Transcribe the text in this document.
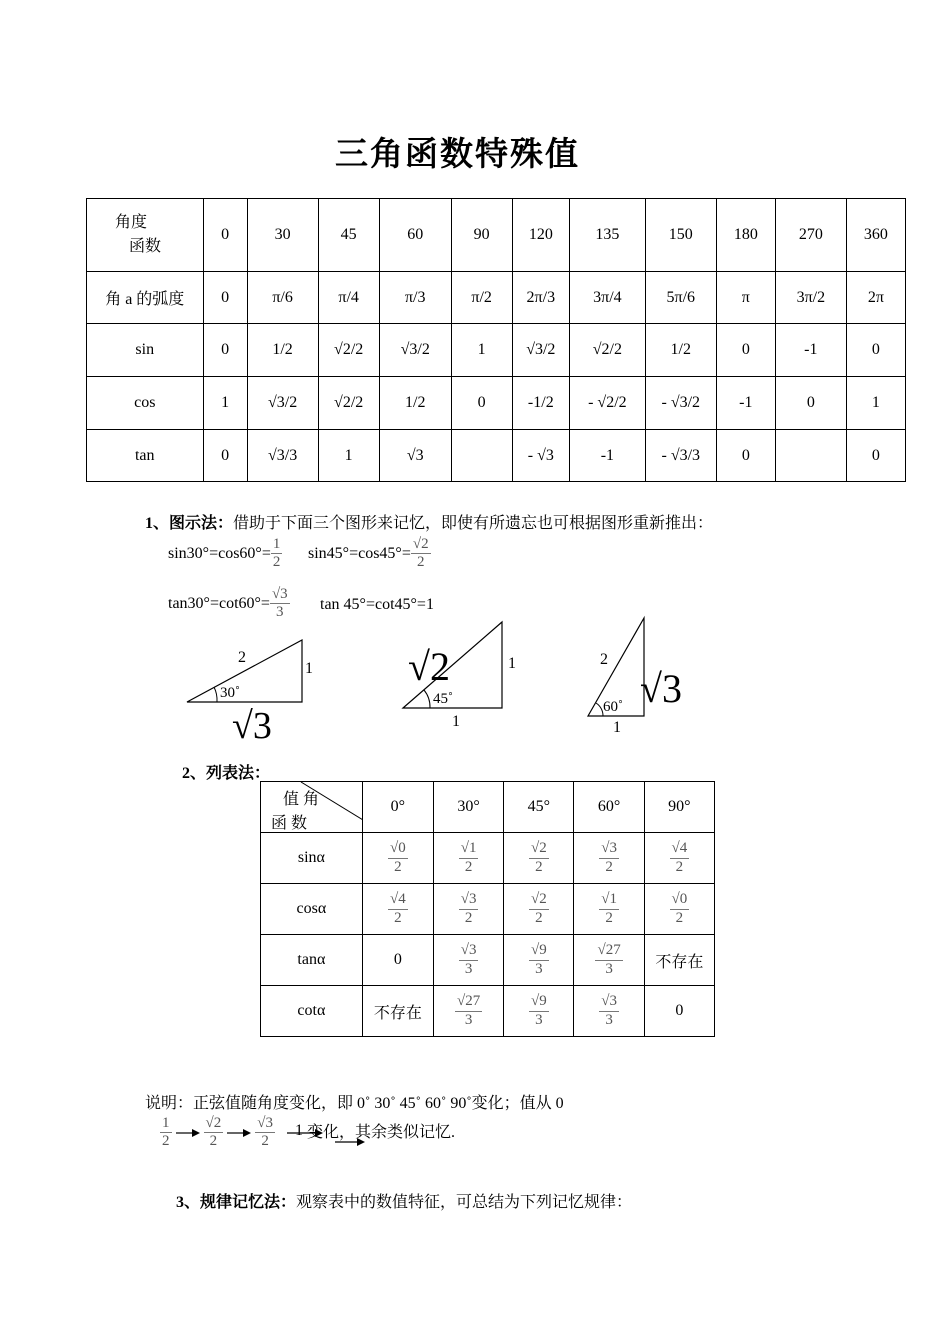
三角函数特殊值
角度
函数	0	30	45	60	90	120	135	150	180	270	360
角 a 的弧度	0	π/6	π/4	π/3	π/2	2π/3	3π/4	5π/6	π	3π/2	2π
sin	0	1/2	√2/2	√3/2	1	√3/2	√2/2	1/2	0	-1	0
cos	1	√3/2	√2/2	1/2	0	-1/2	- √2/2	- √3/2	-1	0	1
tan	0	√3/3	1	√3		- √3	-1	- √3/3	0		0
1、图示法：借助于下面三个图形来记忆，即使有所遗忘也可根据图形重新推出：
$\sin 30^\circ=\cos 60^\circ= \frac{1}{2} \sin 45^\circ=\cos 45^\circ= \frac{√2}{2}$
$\tan 30^\circ=\cot 60^\circ= \frac{√3}{3}$ tan 45°=cot45°=1
2
1
30˚
√3
√2	1
45˚
1
2
√3
60˚
1
2、列表法：
值 角
函 数	0°	30°	45°	60°	90°
sinα	$\frac{√0}{2}$	$\frac{√1}{2}$	$\frac{√2}{2}$	$\frac{√3}{2}$	$\frac{√4}{2}$

cosα	$\frac{√4}{2}$	$\frac{√3}{2}$	$\frac{√2}{2}$	$\frac{√1}{2}$	$\frac{√0}{2}$

tanα	0	$\frac{√3}{3}$	$\frac{√9}{3}$	$\frac{√27}{3}$	不存在
cotα	不存在	$\frac{√27}{3}$	$\frac{√9}{3}$	$\frac{√3}{3}$	0
说明：正弦值随角度变化，即 0˚ 30˚ 45˚ 60˚ 90˚变化；值从 0
$\frac{1}{2} \frac{√2}{2} \frac{√3}{2} 1$ 变化，其余类似记忆.
3、规律记忆法：观察表中的数值特征，可总结为下列记忆规律：
